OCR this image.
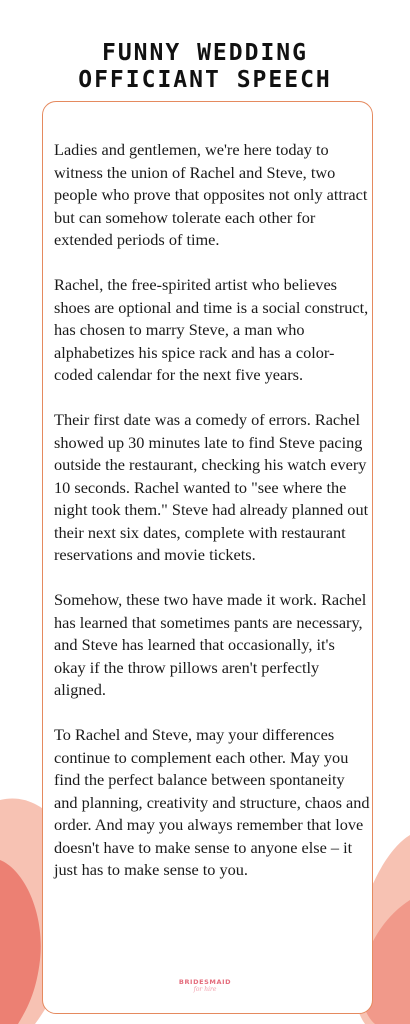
FUNNY WEDDING
OFFICIANT SPEECH

Ladies and gentlemen, we're here today to witness the union of Rachel and Steve, two people who prove that opposites not only attract but can somehow tolerate each other for extended periods of time.

Rachel, the free-spirited artist who believes shoes are optional and time is a social construct, has chosen to marry Steve, a man who alphabetizes his spice rack and has a color-coded calendar for the next five years.

Their first date was a comedy of errors. Rachel showed up 30 minutes late to find Steve pacing outside the restaurant, checking his watch every 10 seconds. Rachel wanted to "see where the night took them." Steve had already planned out their next six dates, complete with restaurant reservations and movie tickets.

Somehow, these two have made it work. Rachel has learned that sometimes pants are necessary, and Steve has learned that occasionally, it's okay if the throw pillows aren't perfectly aligned.

To Rachel and Steve, may your differences continue to complement each other. May you find the perfect balance between spontaneity and planning, creativity and structure, chaos and order. And may you always remember that love doesn't have to make sense to anyone else – it just has to make sense to you.

BRIDESMAID
for hire
